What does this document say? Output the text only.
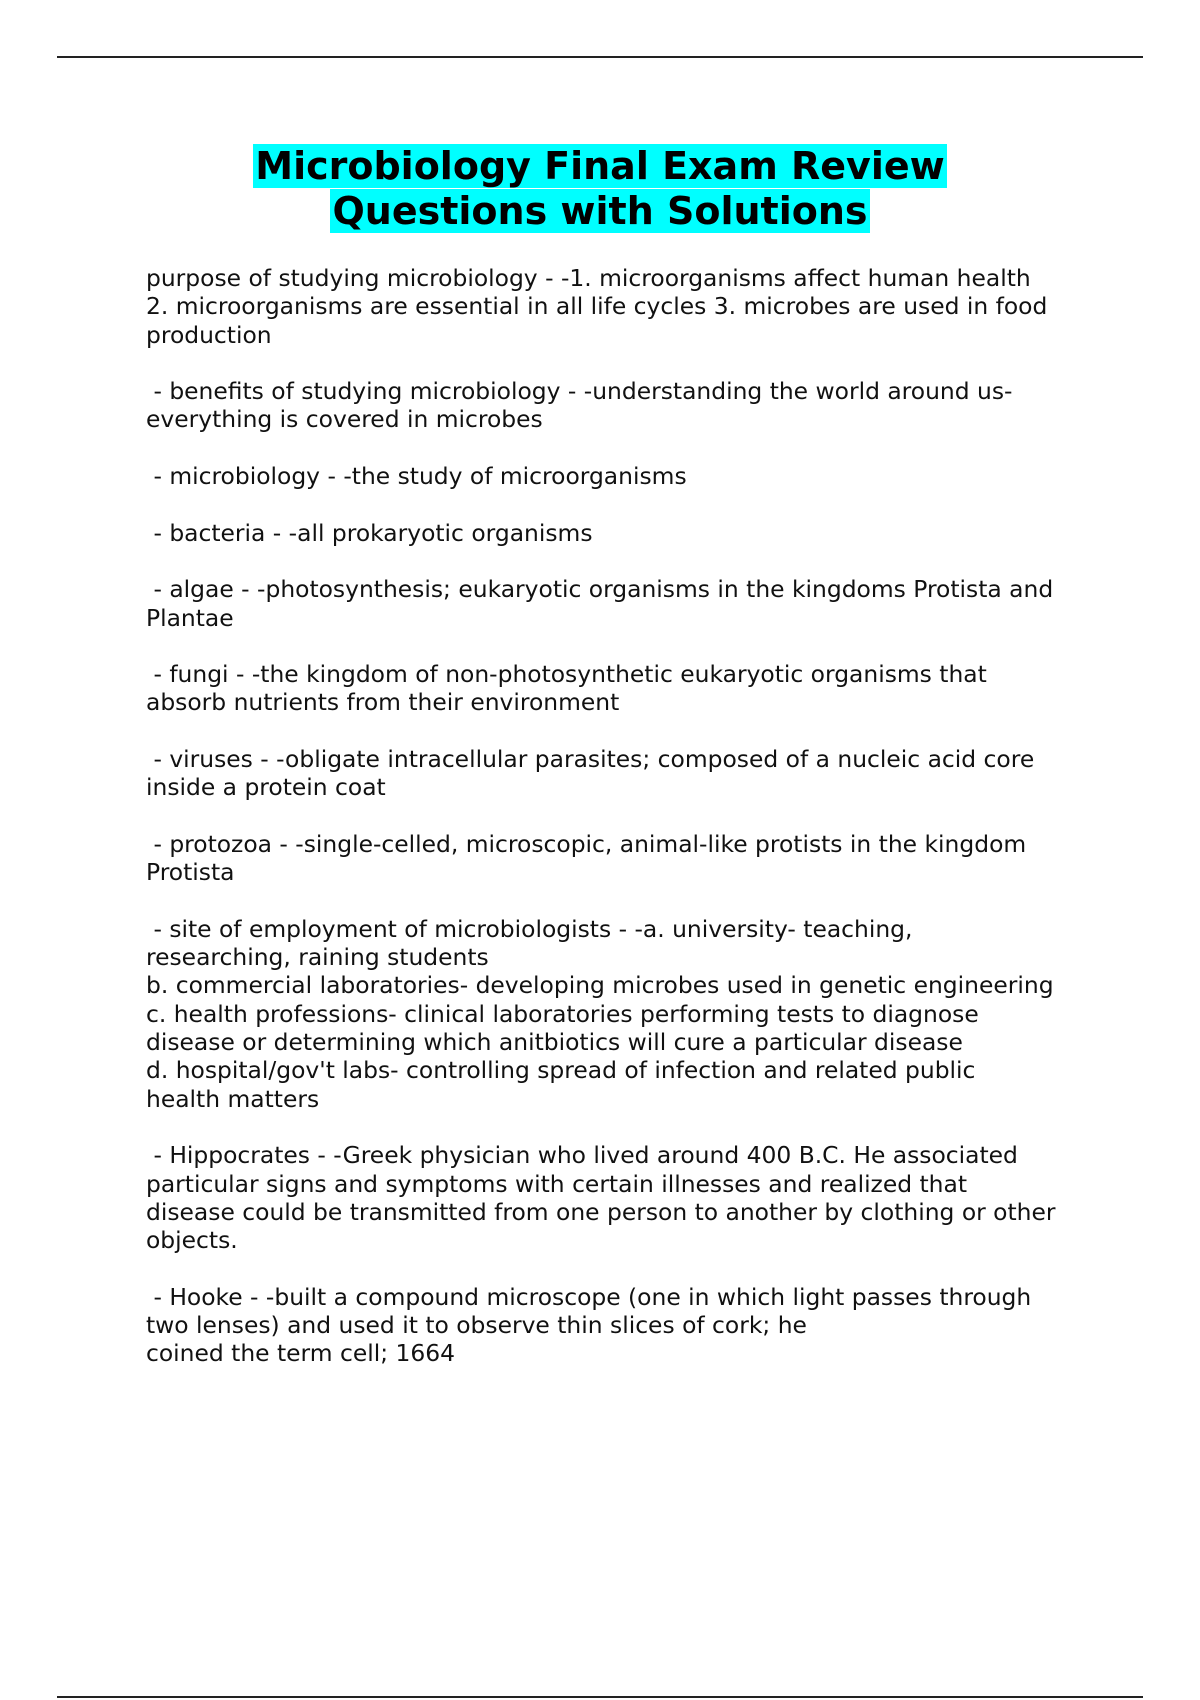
Microbiology Final Exam Review
Questions with Solutions
purpose of studying microbiology - -1. microorganisms affect human health
2. microorganisms are essential in all life cycles 3. microbes are used in food
production
- benefits of studying microbiology - -understanding the world around us-
everything is covered in microbes
- microbiology - -the study of microorganisms
- bacteria - -all prokaryotic organisms
- algae - -photosynthesis; eukaryotic organisms in the kingdoms Protista and
Plantae
- fungi - -the kingdom of non-photosynthetic eukaryotic organisms that
absorb nutrients from their environment
- viruses - -obligate intracellular parasites; composed of a nucleic acid core
inside a protein coat
- protozoa - -single-celled, microscopic, animal-like protists in the kingdom
Protista
- site of employment of microbiologists - -a. university- teaching,
researching, raining students
b. commercial laboratories- developing microbes used in genetic engineering
c. health professions- clinical laboratories performing tests to diagnose
disease or determining which anitbiotics will cure a particular disease
d. hospital/gov't labs- controlling spread of infection and related public
health matters
- Hippocrates - -Greek physician who lived around 400 B.C. He associated
particular signs and symptoms with certain illnesses and realized that
disease could be transmitted from one person to another by clothing or other
objects.
- Hooke - -built a compound microscope (one in which light passes through
two lenses) and used it to observe thin slices of cork; he
coined the term cell; 1664
